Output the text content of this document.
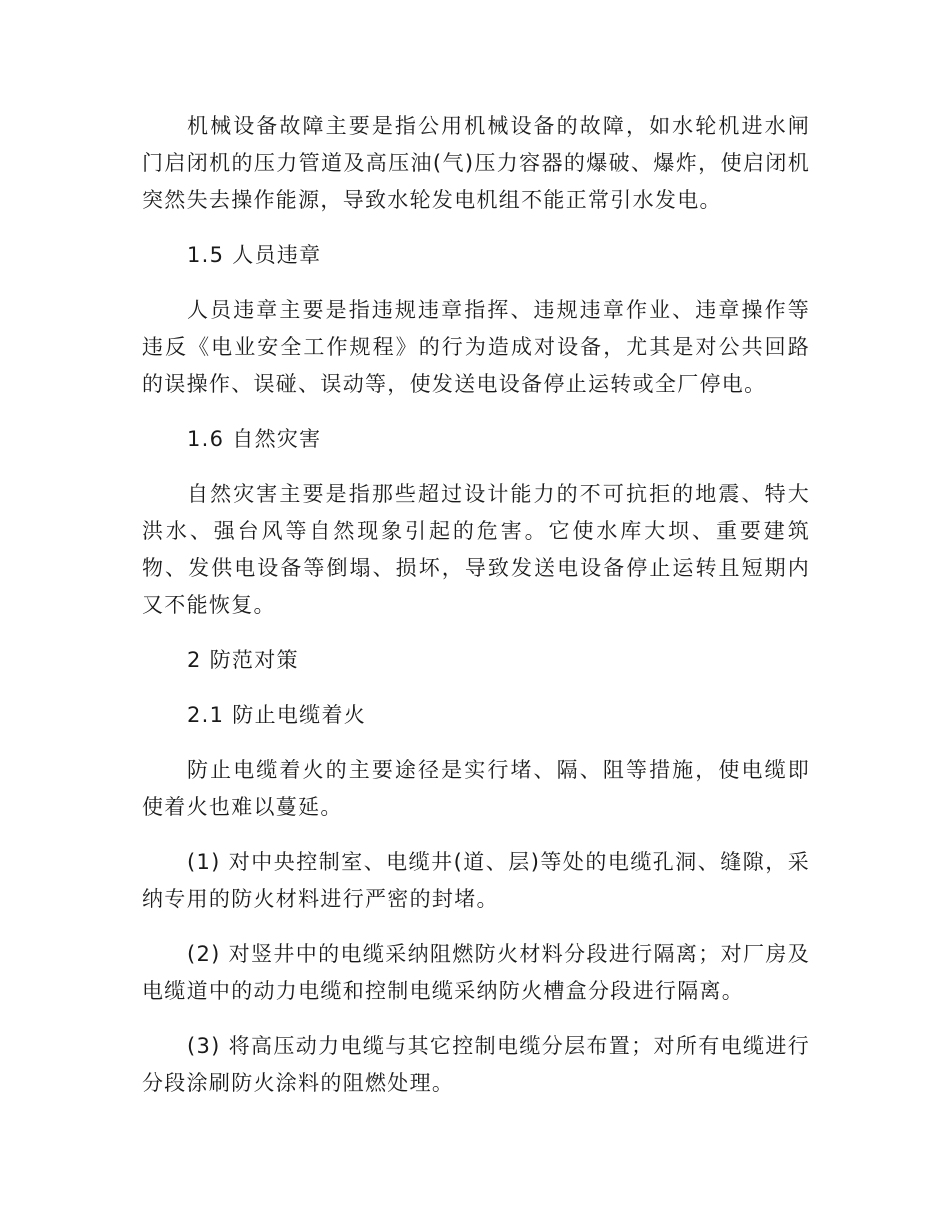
机械设备故障主要是指公用机械设备的故障，如水轮机进水闸门启闭机的压力管道及高压油(气)压力容器的爆破、爆炸，使启闭机突然失去操作能源，导致水轮发电机组不能正常引水发电。

1.5 人员违章

人员违章主要是指违规违章指挥、违规违章作业、违章操作等违反《电业安全工作规程》的行为造成对设备，尤其是对公共回路的误操作、误碰、误动等，使发送电设备停止运转或全厂停电。

1.6 自然灾害

自然灾害主要是指那些超过设计能力的不可抗拒的地震、特大洪水、强台风等自然现象引起的危害。它使水库大坝、重要建筑物、发供电设备等倒塌、损坏，导致发送电设备停止运转且短期内又不能恢复。

2 防范对策

2.1 防止电缆着火

防止电缆着火的主要途径是实行堵、隔、阻等措施，使电缆即使着火也难以蔓延。

(1) 对中央控制室、电缆井(道、层)等处的电缆孔洞、缝隙，采纳专用的防火材料进行严密的封堵。

(2) 对竖井中的电缆采纳阻燃防火材料分段进行隔离；对厂房及电缆道中的动力电缆和控制电缆采纳防火槽盒分段进行隔离。

(3) 将高压动力电缆与其它控制电缆分层布置；对所有电缆进行分段涂刷防火涂料的阻燃处理。
